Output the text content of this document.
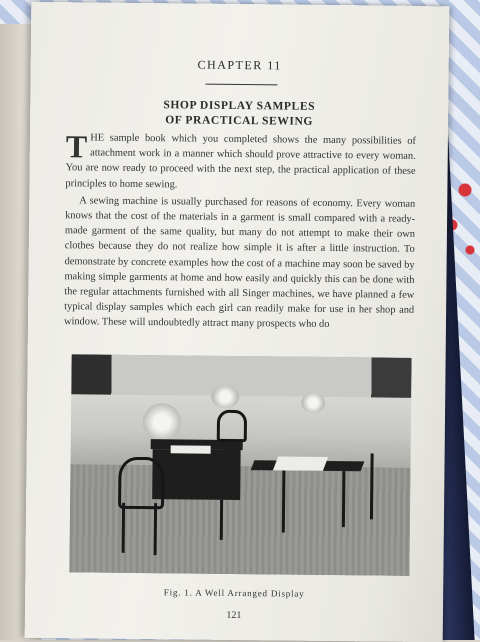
CHAPTER 11
SHOP DISPLAY SAMPLES
OF PRACTICAL SEWING

THE sample book which you completed shows the many possibilities of attachment work in a manner which should prove attractive to every woman. You are now ready to proceed with the next step, the practical application of these principles to home sewing.

A sewing machine is usually purchased for reasons of economy. Every woman knows that the cost of the materials in a garment is small compared with a ready-made garment of the same quality, but many do not attempt to make their own clothes because they do not realize how simple it is after a little instruction. To demonstrate by concrete examples how the cost of a machine may soon be saved by making simple garments at home and how easily and quickly this can be done with the regular attachments furnished with all Singer machines, we have planned a few typical display samples which each girl can readily make for use in her shop and window. These will undoubtedly attract many prospects who do

Fig. 1. A Well Arranged Display
121
